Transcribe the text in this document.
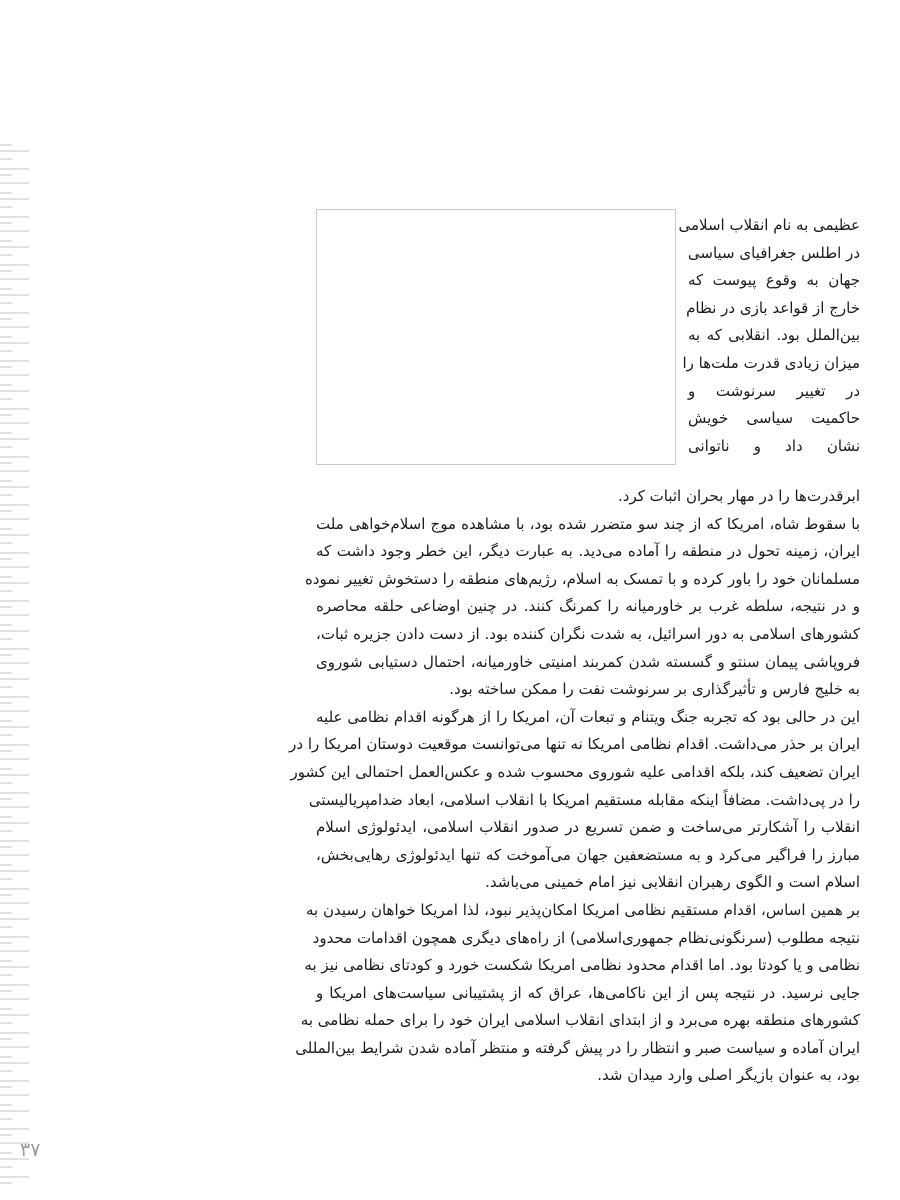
عظیمی به نام انقلاب اسلامی
در اطلس جغرافیای سیاسی
جهان به وقوع پیوست که
خارج از قواعد بازی در نظام
بین‌الملل بود. انقلابی که به
میزان زیادی قدرت ملت‌ها را
در تغییر سرنوشت و
حاکمیت سیاسی خویش
نشان داد و ناتوانی
ابرقدرت‌ها را در مهار بحران اثبات کرد.
با سقوط شاه، امریکا که از چند سو متضرر شده بود، با مشاهده موج اسلام‌خواهی ملت
ایران، زمینه تحول در منطقه را آماده می‌دید. به عبارت دیگر، این خطر وجود داشت که
مسلمانان خود را باور کرده و با تمسک به اسلام، رژیم‌های منطقه را دستخوش تغییر نموده
و در نتیجه، سلطه غرب بر خاورمیانه را کمرنگ کنند. در چنین اوضاعی حلقه محاصره
کشورهای اسلامی به دور اسرائیل، به شدت نگران کننده بود. از دست دادن جزیره ثبات،
فروپاشی پیمان سنتو و گسسته شدن کمربند امنیتی خاورمیانه، احتمال دستیابی شوروی
به خلیج فارس و تأثیرگذاری بر سرنوشت نفت را ممکن ساخته بود.
این در حالی بود که تجربه جنگ ویتنام و تبعات آن، امریکا را از هرگونه اقدام نظامی علیه
ایران بر حذر می‌داشت. اقدام نظامی امریکا نه تنها می‌توانست موقعیت دوستان امریکا را در
ایران تضعیف کند، بلکه اقدامی علیه شوروی محسوب شده و عکس‌العمل احتمالی این کشور
را در پی‌داشت. مضافاً اینکه مقابله مستقیم امریکا با انقلاب اسلامی، ابعاد ضدامپریالیستی
انقلاب را آشکارتر می‌ساخت و ضمن تسریع در صدور انقلاب اسلامی، ایدئولوژی اسلام
مبارز را فراگیر می‌کرد و به مستضعفین جهان می‌آموخت که تنها ایدئولوژی رهایی‌بخش،
اسلام است و الگوی رهبران انقلابی نیز امام خمینی می‌باشد.
بر همین اساس، اقدام مستقیم نظامی امریکا امکان‌پذیر نبود، لذا امریکا خواهان رسیدن به
نتیجه مطلوب (سرنگونی‌نظام جمهوری‌اسلامی) از راه‌های دیگری همچون اقدامات محدود
نظامی و یا کودتا بود. اما اقدام محدود نظامی امریکا شکست خورد و کودتای نظامی نیز به
جایی نرسید. در نتیجه پس از این ناکامی‌ها، عراق که از پشتیبانی سیاست‌های امریکا و
کشورهای منطقه بهره می‌برد و از ابتدای انقلاب اسلامی ایران خود را برای حمله نظامی به
ایران آماده و سیاست صبر و انتظار را در پیش گرفته و منتظر آماده شدن شرایط بین‌المللی
بود، به عنوان بازیگر اصلی وارد میدان شد.
۳۷
